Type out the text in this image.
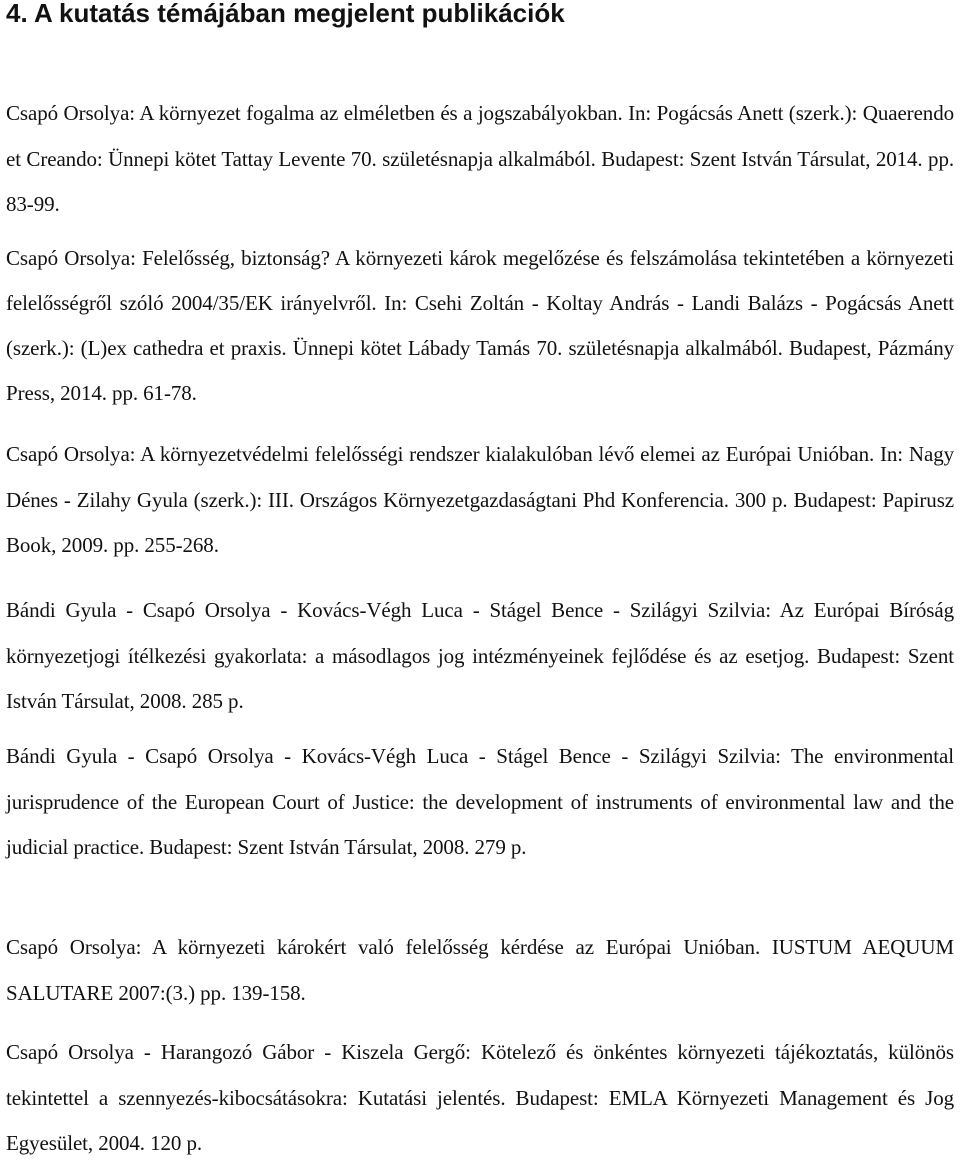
4. A kutatás témájában megjelent publikációk

Csapó Orsolya: A környezet fogalma az elméletben és a jogszabályokban. In: Pogácsás Anett (szerk.): Quaerendo et Creando: Ünnepi kötet Tattay Levente 70. születésnapja alkalmából. Budapest: Szent István Társulat, 2014. pp. 83-99.

Csapó Orsolya: Felelősség, biztonság? A környezeti károk megelőzése és felszámolása tekintetében a környezeti felelősségről szóló 2004/35/EK irányelvről. In: Csehi Zoltán - Koltay András - Landi Balázs - Pogácsás Anett (szerk.): (L)ex cathedra et praxis. Ünnepi kötet Lábady Tamás 70. születésnapja alkalmából. Budapest, Pázmány Press, 2014. pp. 61-78.

Csapó Orsolya: A környezetvédelmi felelősségi rendszer kialakulóban lévő elemei az Európai Unióban. In: Nagy Dénes - Zilahy Gyula (szerk.): III. Országos Környezetgazdaságtani Phd Konferencia. 300 p. Budapest: Papirusz Book, 2009. pp. 255-268.

Bándi Gyula - Csapó Orsolya - Kovács-Végh Luca - Stágel Bence - Szilágyi Szilvia: Az Európai Bíróság környezetjogi ítélkezési gyakorlata: a másodlagos jog intézményeinek fejlődése és az esetjog. Budapest: Szent István Társulat, 2008. 285 p.

Bándi Gyula - Csapó Orsolya - Kovács-Végh Luca - Stágel Bence - Szilágyi Szilvia: The environmental jurisprudence of the European Court of Justice: the development of instruments of environmental law and the judicial practice. Budapest: Szent István Társulat, 2008. 279 p.

Csapó Orsolya: A környezeti károkért való felelősség kérdése az Európai Unióban. IUSTUM AEQUUM SALUTARE 2007:(3.) pp. 139-158.

Csapó Orsolya - Harangozó Gábor - Kiszela Gergő: Kötelező és önkéntes környezeti tájékoztatás, különös tekintettel a szennyezés-kibocsátásokra: Kutatási jelentés. Budapest: EMLA Környezeti Management és Jog Egyesület, 2004. 120 p.
